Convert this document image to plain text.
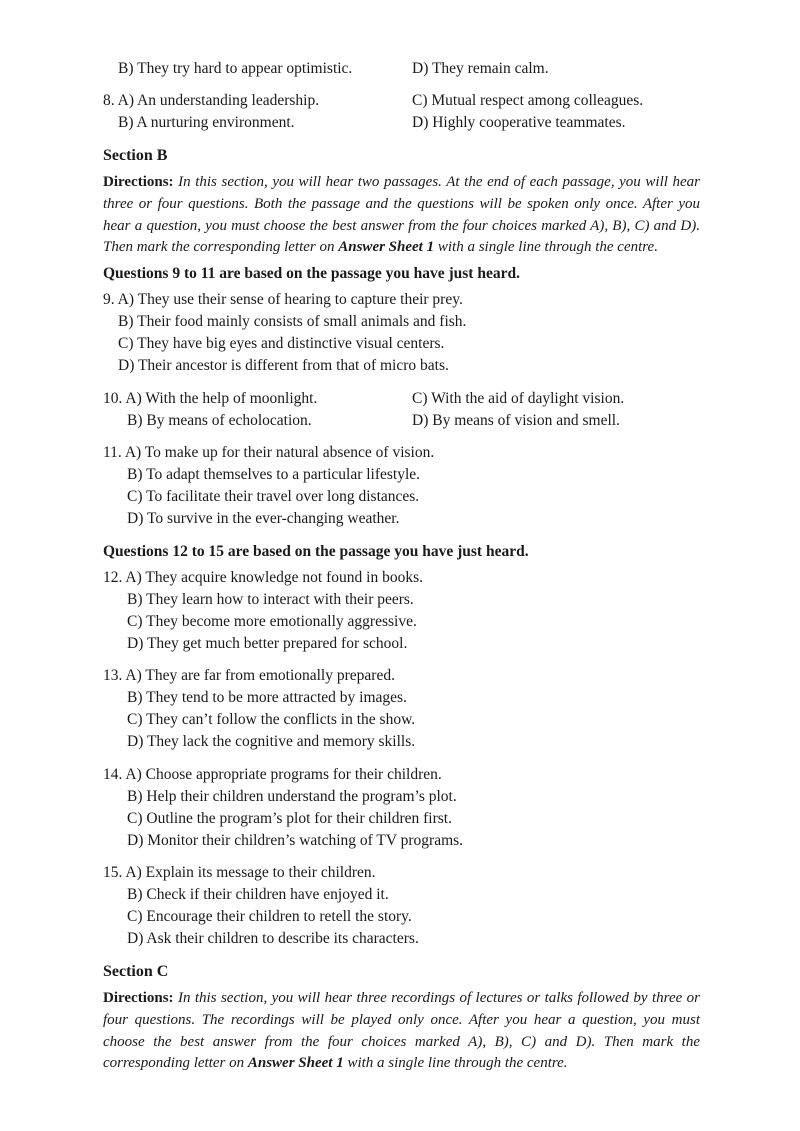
B) They try hard to appear optimistic.	D) They remain calm.
8. A) An understanding leadership.	C) Mutual respect among colleagues.
B) A nurturing environment.	D) Highly cooperative teammates.
Section B
Directions: In this section, you will hear two passages. At the end of each passage, you will hear three or four questions. Both the passage and the questions will be spoken only once. After you hear a question, you must choose the best answer from the four choices marked A), B), C) and D). Then mark the corresponding letter on Answer Sheet 1 with a single line through the centre.
Questions 9 to 11 are based on the passage you have just heard.
9. A) They use their sense of hearing to capture their prey.
B) Their food mainly consists of small animals and fish.
C) They have big eyes and distinctive visual centers.
D) Their ancestor is different from that of micro bats.
10. A) With the help of moonlight.	C) With the aid of daylight vision.
B) By means of echolocation.	D) By means of vision and smell.
11. A) To make up for their natural absence of vision.
B) To adapt themselves to a particular lifestyle.
C) To facilitate their travel over long distances.
D) To survive in the ever-changing weather.
Questions 12 to 15 are based on the passage you have just heard.
12. A) They acquire knowledge not found in books.
B) They learn how to interact with their peers.
C) They become more emotionally aggressive.
D) They get much better prepared for school.
13. A) They are far from emotionally prepared.
B) They tend to be more attracted by images.
C) They can’t follow the conflicts in the show.
D) They lack the cognitive and memory skills.
14. A) Choose appropriate programs for their children.
B) Help their children understand the program’s plot.
C) Outline the program’s plot for their children first.
D) Monitor their children’s watching of TV programs.
15. A) Explain its message to their children.
B) Check if their children have enjoyed it.
C) Encourage their children to retell the story.
D) Ask their children to describe its characters.
Section C
Directions: In this section, you will hear three recordings of lectures or talks followed by three or four questions. The recordings will be played only once. After you hear a question, you must choose the best answer from the four choices marked A), B), C) and D). Then mark the corresponding letter on Answer Sheet 1 with a single line through the centre.
